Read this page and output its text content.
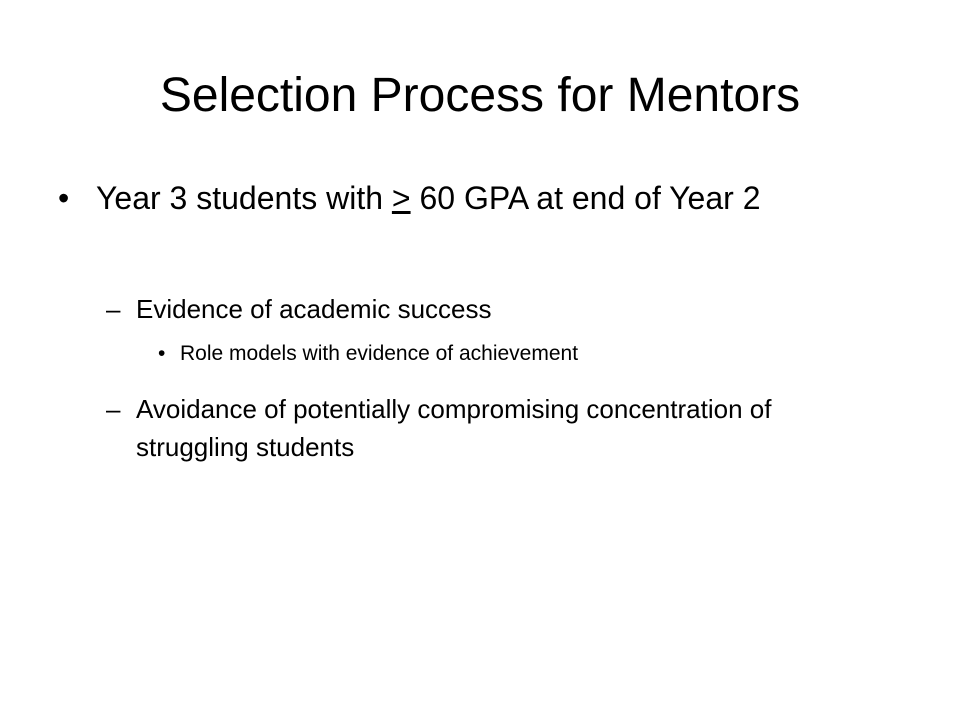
Selection Process for Mentors
• Year 3 students with ≥ 60 GPA at end of Year 2
– Evidence of academic success
• Role models with evidence of achievement
– Avoidance of potentially compromising concentration of struggling students
